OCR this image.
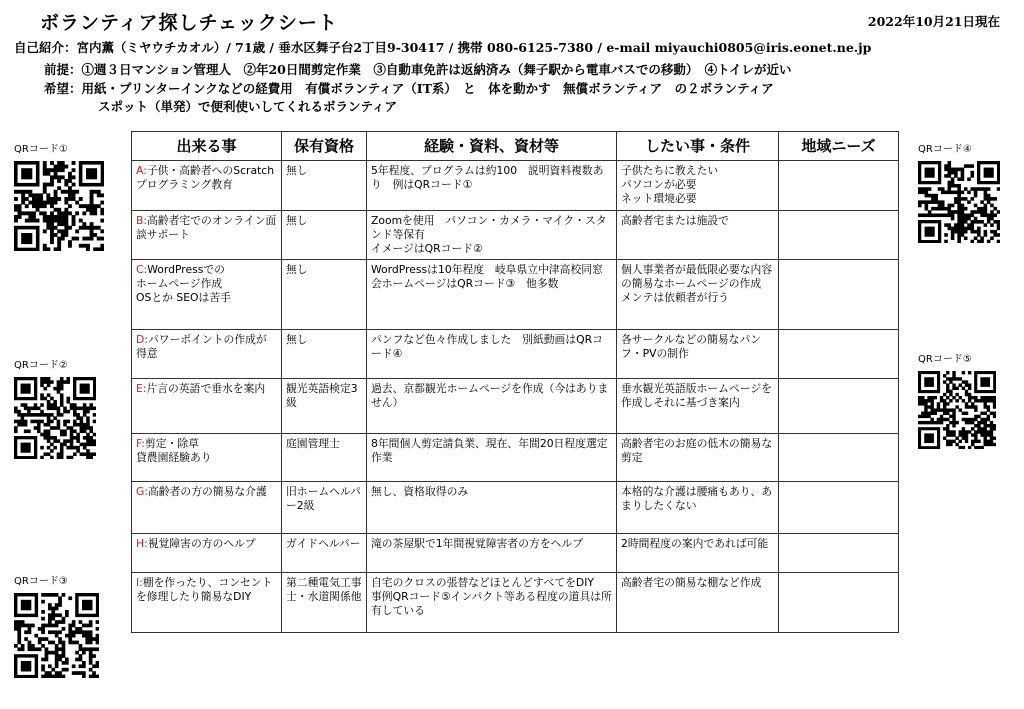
ボランティア探しチェックシート	2022年10月21日現在
自己紹介：宮内薫（ミヤウチカオル）/ 71歳 / 垂水区舞子台2丁目9-30417 / 携帯 080-6125-7380 / e-mail miyauchi0805@iris.eonet.ne.jp
前提：①週３日マンション管理人　②年20日間剪定作業　③自動車免許は返納済み（舞子駅から電車バスでの移動）　④トイレが近い
希望：用紙・プリンターインクなどの経費用　有償ボランティア（IT系）　と　体を動かす　無償ボランティア　の２ボランティア
スポット（単発）で便利使いしてくれるボランティア
QRコード①
QRコード②
QRコード③
QRコード④
QRコード⑤
出来る事	保有資格	経験・資料、資材等	したい事・条件	地域ニーズ
A:子供・高齢者へのScratchプログラミング教育	無し	5年程度、プログラムは約100　説明資料複数あり　例はQRコード①	子供たちに教えたい
パソコンが必要
ネット環境必要	
B:高齢者宅でのオンライン面談サポート	無し	Zoomを使用　パソコン・カメラ・マイク・スタンド等保有
イメージはQRコード②	高齢者宅または施設で	
C:WordPressでの
ホームページ作成
OSとか SEOは苦手	無し	WordPressは10年程度　岐阜県立中津高校同窓会ホームページはQRコード③　他多数	個人事業者が最低限必要な内容の簡易なホームページの作成　メンテは依頼者が行う	
D:パワーポイントの作成が得意	無し	パンフなど色々作成しました　別紙動画はQRコード④	各サークルなどの簡易なパンフ・PVの制作	
E:片言の英語で垂水を案内	観光英語検定3級	過去、京都観光ホームページを作成（今はありません）	垂水観光英語版ホームページを作成しそれに基づき案内	
F:剪定・除草
貸農園経験あり	庭園管理士	8年間個人剪定請負業、現在、年間20日程度選定作業	高齢者宅のお庭の低木の簡易な剪定	
G:高齢者の方の簡易な介護	旧ホームヘルパー2級	無し、資格取得のみ	本格的な介護は腰痛もあり、あまりしたくない	
H:視覚障害の方のヘルプ	ガイドヘルパー	滝の茶屋駅で1年間視覚障害者の方をヘルプ	2時間程度の案内であれば可能	
I:棚を作ったり、コンセントを修理したり簡易なDIY	第二種電気工事士・水道関係他	自宅のクロスの張替などほとんどすべてをDIY　事例QRコード⑤インパクト等ある程度の道具は所有している	高齢者宅の簡易な棚など作成	
